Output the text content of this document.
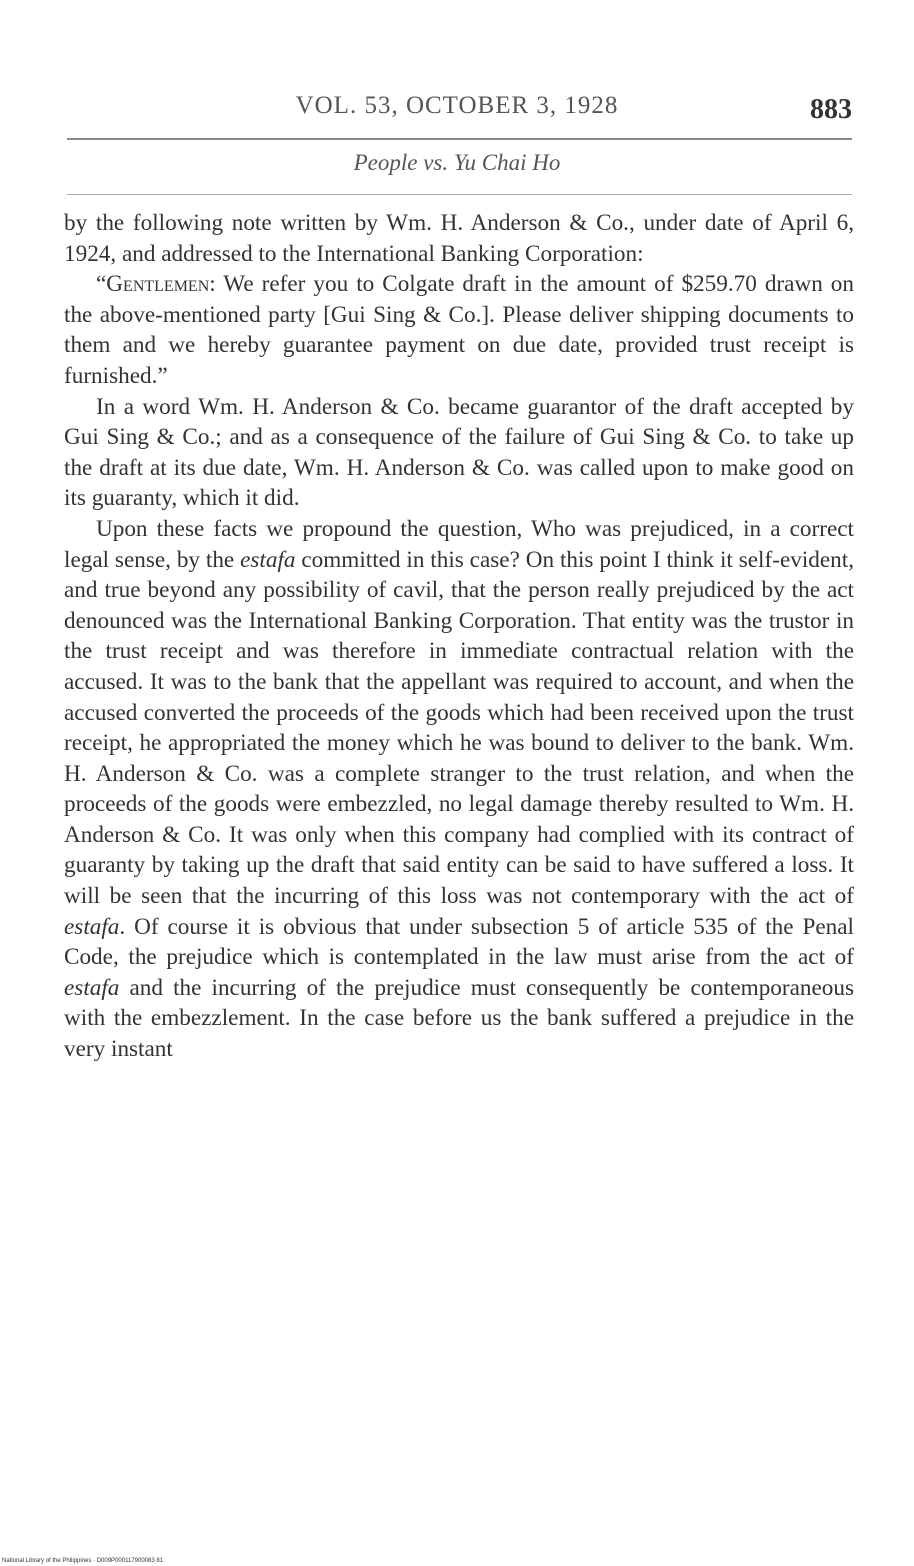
VOL. 53, OCTOBER 3, 1928	883
People vs. Yu Chai Ho

by the following note written by Wm. H. Anderson & Co., under date of April 6, 1924, and addressed to the International Banking Corporation:

“Gentlemen: We refer you to Colgate draft in the amount of $259.70 drawn on the above-mentioned party [Gui Sing & Co.]. Please deliver shipping documents to them and we hereby guarantee payment on due date, provided trust receipt is furnished.”

In a word Wm. H. Anderson & Co. became guarantor of the draft accepted by Gui Sing & Co.; and as a consequence of the failure of Gui Sing & Co. to take up the draft at its due date, Wm. H. Anderson & Co. was called upon to make good on its guaranty, which it did.

Upon these facts we propound the question, Who was prejudiced, in a correct legal sense, by the estafa committed in this case? On this point I think it self-evident, and true beyond any possibility of cavil, that the person really prejudiced by the act denounced was the International Banking Corporation. That entity was the trustor in the trust receipt and was therefore in immediate contractual relation with the accused. It was to the bank that the appellant was required to account, and when the accused converted the proceeds of the goods which had been received upon the trust receipt, he appropriated the money which he was bound to deliver to the bank. Wm. H. Anderson & Co. was a complete stranger to the trust relation, and when the proceeds of the goods were embezzled, no legal damage thereby resulted to Wm. H. Anderson & Co. It was only when this company had complied with its contract of guaranty by taking up the draft that said entity can be said to have suffered a loss. It will be seen that the incurring of this loss was not contemporary with the act of estafa. Of course it is obvious that under subsection 5 of article 535 of the Penal Code, the prejudice which is contemplated in the law must arise from the act of estafa and the incurring of the prejudice must consequently be contemporaneous with the embezzlement. In the case before us the bank suffered a prejudice in the very instant

National Library of the Philippines · D009P000117900083 81
